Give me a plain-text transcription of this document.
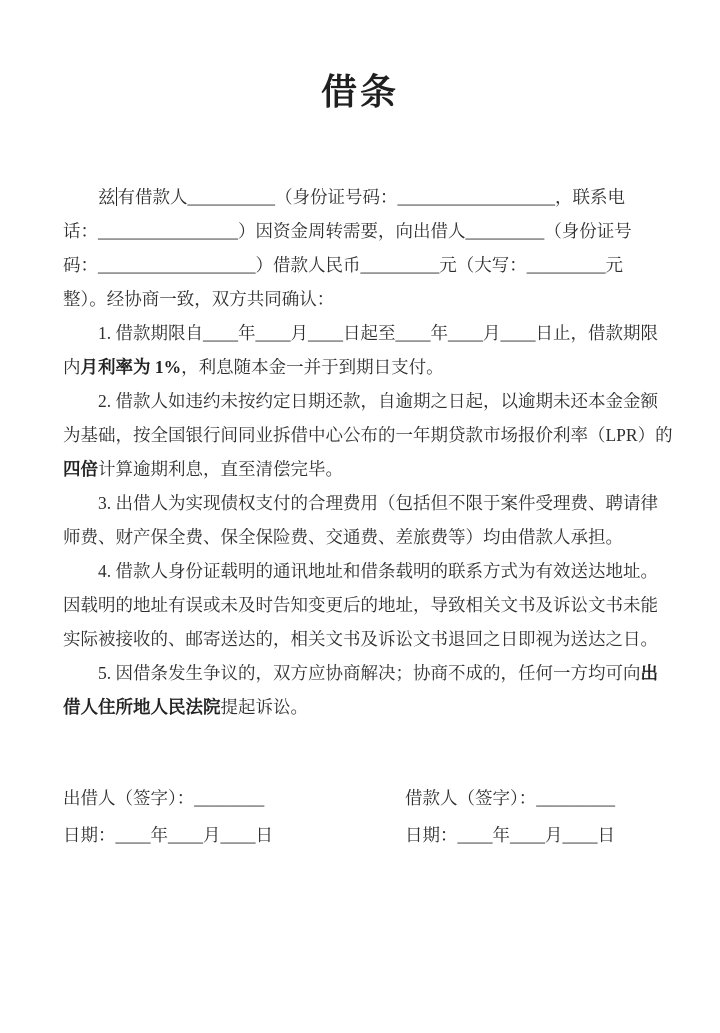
借条
兹 有借款人__________（身份证号码：__________________，联系电
话：________________）因资金周转需要，向出借人_________（身份证号
码：__________________）借款人民币_________元（大写：_________元
整）。经协商一致，双方共同确认：
1. 借款期限自____年____月____日起至____年____月____日止，借款期限
内月利率为 1%，利息随本金一并于到期日支付。
2. 借款人如违约未按约定日期还款，自逾期之日起，以逾期未还本金金额
为基础，按全国银行间同业拆借中心公布的一年期贷款市场报价利率（LPR）的
四倍计算逾期利息，直至清偿完毕。
3. 出借人为实现债权支付的合理费用（包括但不限于案件受理费、聘请律
师费、财产保全费、保全保险费、交通费、差旅费等）均由借款人承担。
4. 借款人身份证载明的通讯地址和借条载明的联系方式为有效送达地址。
因载明的地址有误或未及时告知变更后的地址，导致相关文书及诉讼文书未能
实际被接收的、邮寄送达的，相关文书及诉讼文书退回之日即视为送达之日。
5. 因借条发生争议的，双方应协商解决；协商不成的，任何一方均可向出
借人住所地人民法院提起诉讼。
出借人（签字）：________
日期：____年____月____日
借款人（签字）：_________
日期：____年____月____日
